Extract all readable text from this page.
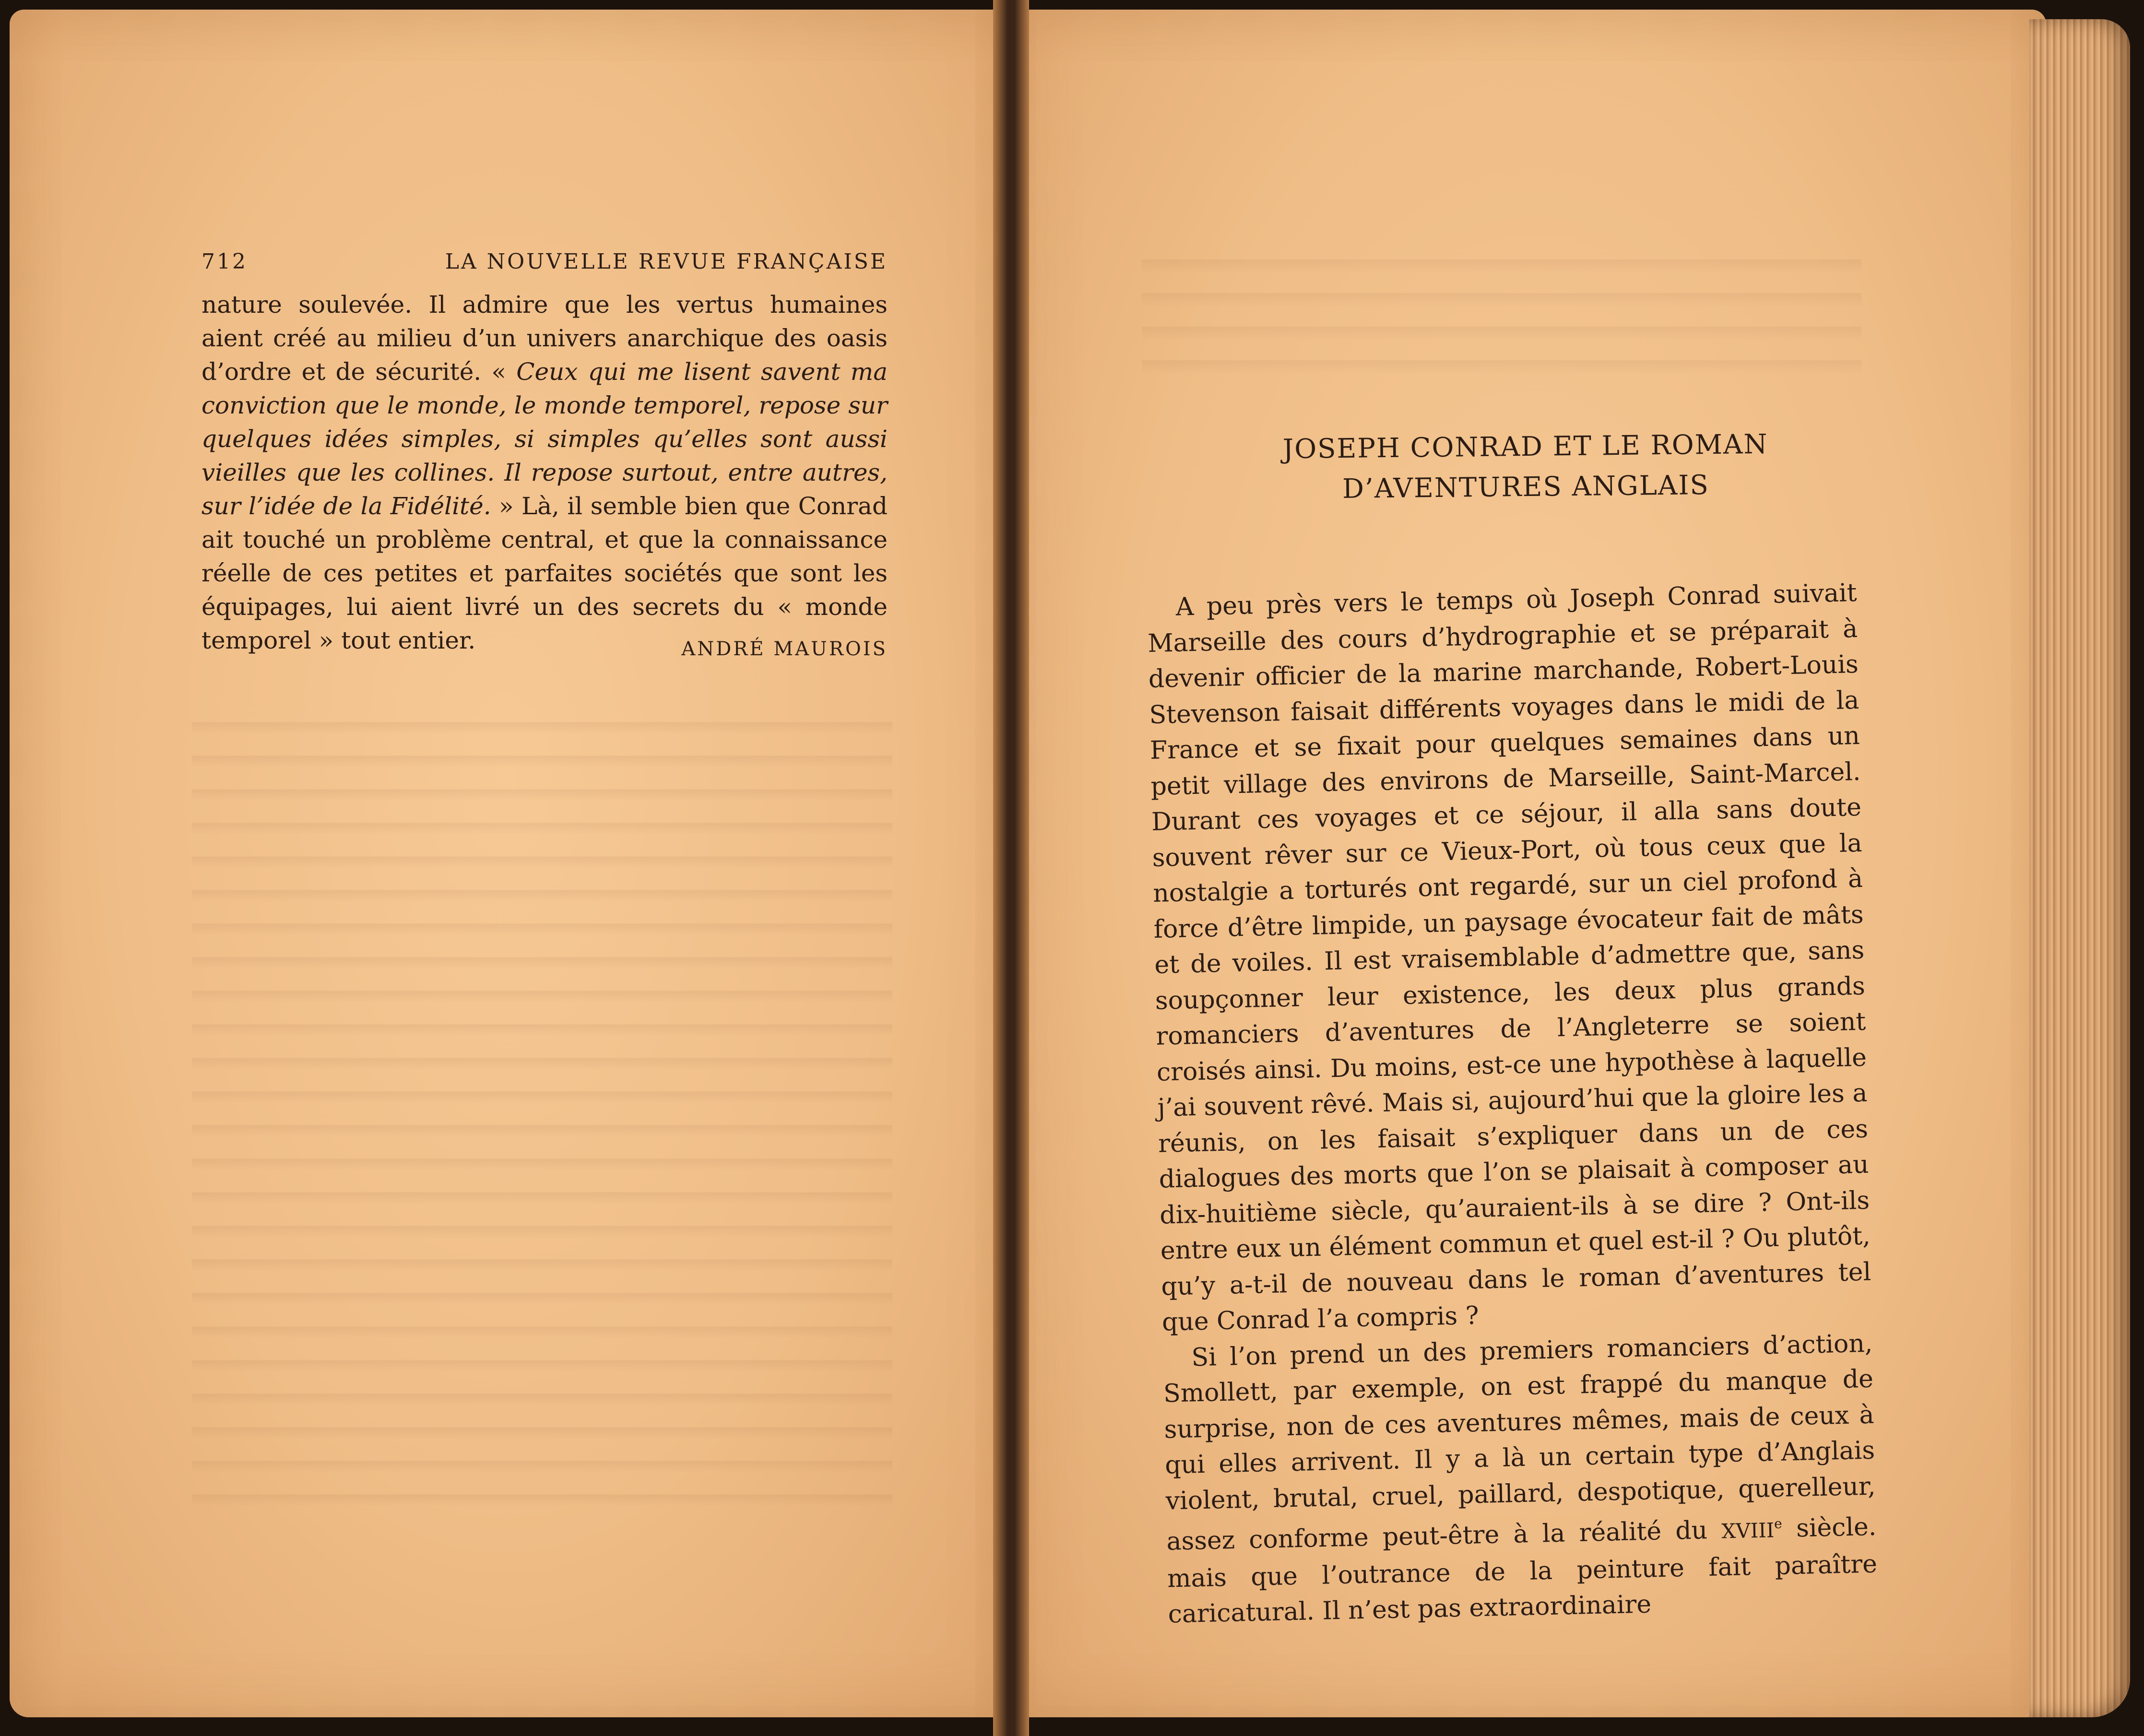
712	LA NOUVELLE REVUE FRANÇAISE

nature soulevée. Il admire que les vertus humaines aient créé au milieu d’un univers anarchique des oasis d’ordre et de sécurité. « Ceux qui me lisent savent ma conviction que le monde, le monde temporel, repose sur quelques idées simples, si simples qu’elles sont aussi vieilles que les collines. Il repose surtout, entre autres, sur l’idée de la Fidélité. » Là, il semble bien que Conrad ait touché un problème central, et que la connaissance réelle de ces petites et parfaites sociétés que sont les équipages, lui aient livré un des secrets du « monde temporel » tout entier.	ANDRÉ MAUROIS
JOSEPH CONRAD ET LE ROMAN
D’AVENTURES ANGLAIS

A peu près vers le temps où Joseph Conrad suivait Marseille des cours d’hydrographie et se préparait à devenir officier de la marine marchande, Robert-Louis Stevenson faisait différents voyages dans le midi de la France et se fixait pour quelques semaines dans un petit village des environs de Marseille, Saint-Marcel. Durant ces voyages et ce séjour, il alla sans doute souvent rêver sur ce Vieux-Port, où tous ceux que la nostalgie a torturés ont regardé, sur un ciel profond à force d’être limpide, un paysage évocateur fait de mâts et de voiles. Il est vraisemblable d’admettre que, sans soupçonner leur existence, les deux plus grands romanciers d’aventures de l’Angleterre se soient croisés ainsi. Du moins, est-ce une hypothèse à laquelle j’ai souvent rêvé. Mais si, aujourd’hui que la gloire les a réunis, on les faisait s’expliquer dans un de ces dialogues des morts que l’on se plaisait à composer au dix-huitième siècle, qu’auraient-ils à se dire ? Ont-ils entre eux un élément commun et quel est-il ? Ou plutôt, qu’y a-t-il de nouveau dans le roman d’aventures tel que Conrad l’a compris ?

Si l’on prend un des premiers romanciers d’action, Smollett, par exemple, on est frappé du manque de surprise, non de ces aventures mêmes, mais de ceux à qui elles arrivent. Il y a là un certain type d’Anglais violent, brutal, cruel, paillard, despotique, querelleur, assez conforme peut-être à la réalité du XVIIIe siècle. mais que l’outrance de la peinture fait paraître caricatural. Il n’est pas extraordinaire
